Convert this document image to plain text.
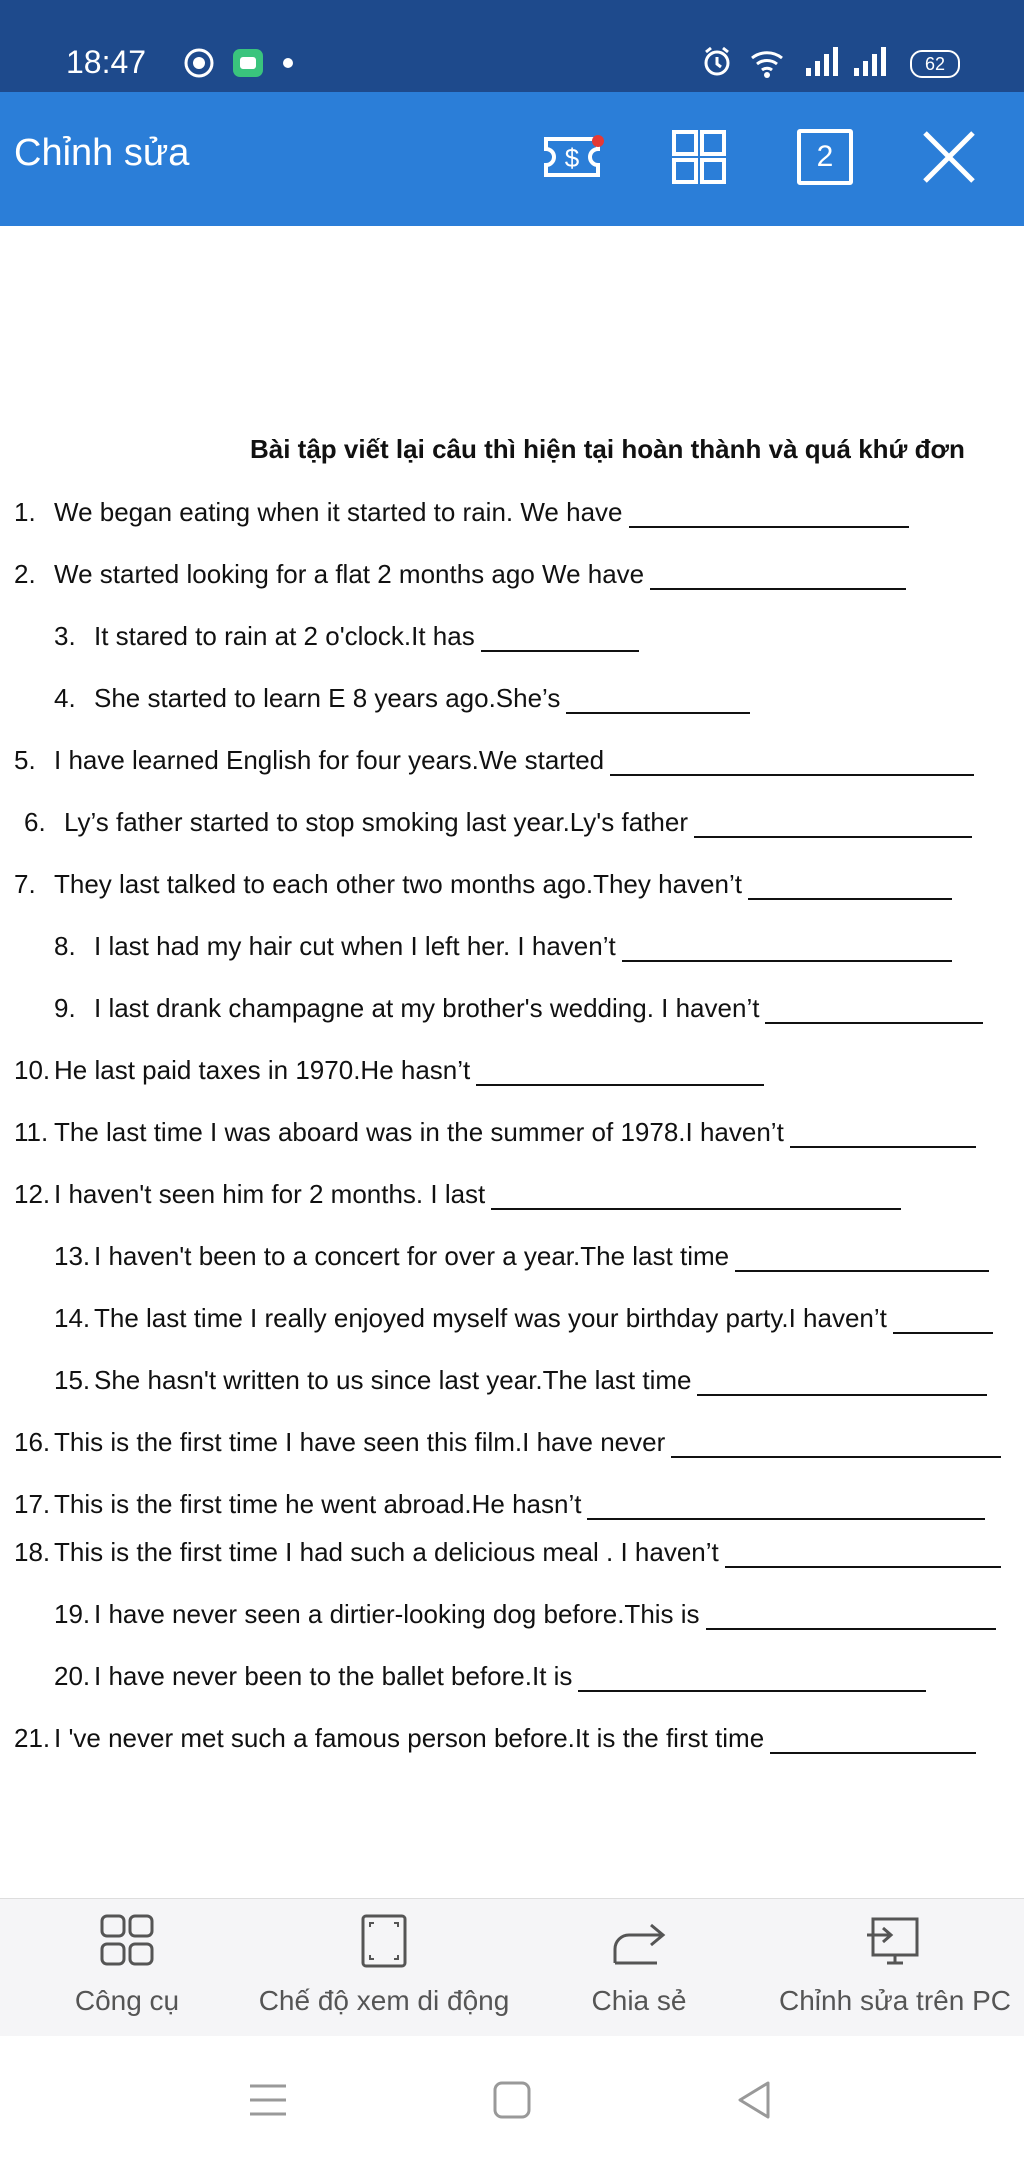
18:47	62
Chỉnh sửa	$	2
Bài tập viết lại câu thì hiện tại hoàn thành và quá khứ đơn
1. We began eating when it started to rain. We have
2. We started looking for a flat 2 months ago We have
3. It stared to rain at 2 o'clock.It has
4. She started to learn E 8 years ago.She’s
5. I have learned English for four years.We started
6. Ly’s father started to stop smoking last year.Ly's father
7. They last talked to each other two months ago.They haven’t
8. I last had my hair cut when I left her. I haven’t
9. I last drank champagne at my brother's wedding. I haven’t
10. He last paid taxes in 1970.He hasn’t
11. The last time I was aboard was in the summer of 1978.I haven’t
12. I haven't seen him for 2 months. I last
13. I haven't been to a concert for over a year.The last time
14. The last time I really enjoyed myself was your birthday party.I haven’t
15. She hasn't written to us since last year.The last time
16. This is the first time I have seen this film.I have never
17. This is the first time he went abroad.He hasn’t
18. This is the first time I had such a delicious meal . I haven’t
19. I have never seen a dirtier-looking dog before.This is
20. I have never been to the ballet before.It is
21. I 've never met such a famous person before.It is the first time
Công cụ	Chế độ xem di động	Chia sẻ	Chỉnh sửa trên PC
